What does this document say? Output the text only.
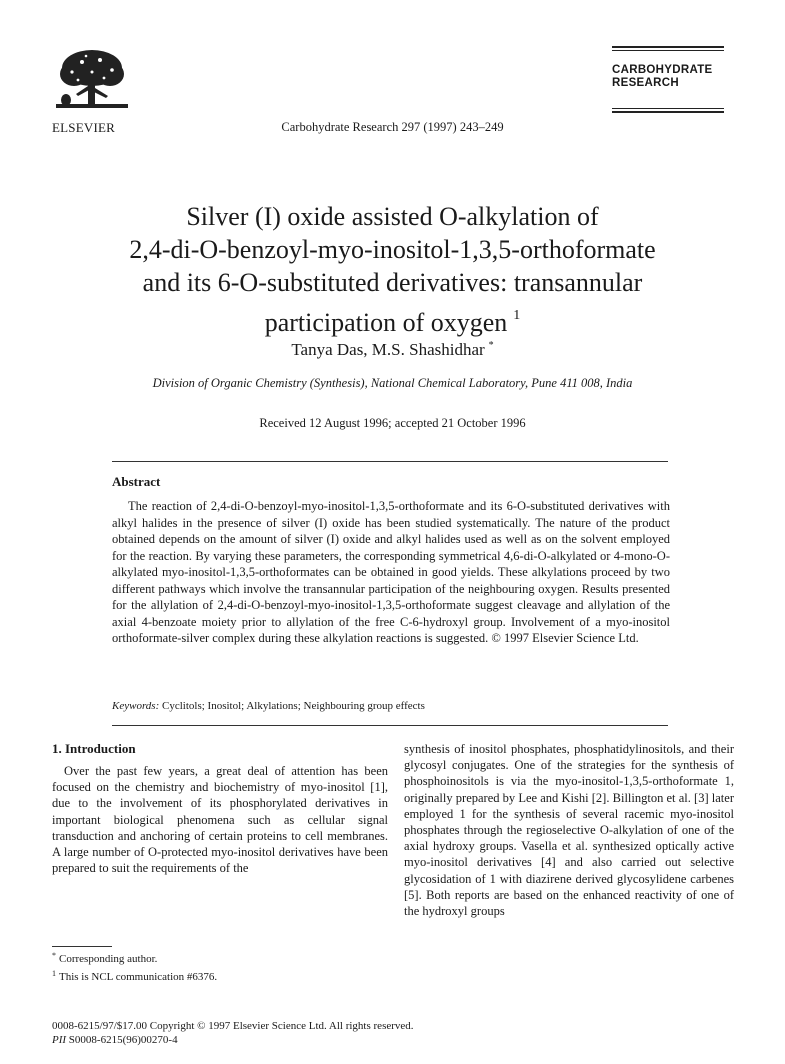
ELSEVIER	Carbohydrate Research 297 (1997) 243–249
CARBOHYDRATE
RESEARCH
Silver (I) oxide assisted O-alkylation of
2,4-di-O-benzoyl-myo-inositol-1,3,5-orthoformate
and its 6-O-substituted derivatives: transannular
participation of oxygen $^1$
Tanya Das, M.S. Shashidhar *
Division of Organic Chemistry (Synthesis), National Chemical Laboratory, Pune 411 008, India
Received 12 August 1996; accepted 21 October 1996
Abstract
The reaction of 2,4-di-O-benzoyl-myo-inositol-1,3,5-orthoformate and its 6-O-substituted derivatives with alkyl halides in the presence of silver (I) oxide has been studied systematically. The nature of the product obtained depends on the amount of silver (I) oxide and alkyl halides used as well as on the solvent employed for the reaction. By varying these parameters, the corresponding symmetrical 4,6-di-O-alkylated or 4-mono-O-alkylated myo-inositol-1,3,5-orthoformates can be obtained in good yields. These alkylations proceed by two different pathways which involve the transannular participation of the neighbouring oxygen. Results presented for the allylation of 2,4-di-O-benzoyl-myo-inositol-1,3,5-orthoformate suggest cleavage and allylation of the axial 4-benzoate moiety prior to allylation of the free C-6-hydroxyl group. Involvement of a myo-inositol orthoformate-silver complex during these alkylation reactions is suggested. © 1997 Elsevier Science Ltd.
Keywords: Cyclitols; Inositol; Alkylations; Neighbouring group effects
1. Introduction
Over the past few years, a great deal of attention has been focused on the chemistry and biochemistry of myo-inositol [1], due to the involvement of its phosphorylated derivatives in important biological phenomena such as cellular signal transduction and anchoring of certain proteins to cell membranes. A large number of O-protected myo-inositol derivatives have been prepared to suit the requirements of the
synthesis of inositol phosphates, phosphatidylinositols, and their glycosyl conjugates. One of the strategies for the synthesis of phosphoinositols is via the myo-inositol-1,3,5-orthoformate 1, originally prepared by Lee and Kishi [2]. Billington et al. [3] later employed 1 for the synthesis of several racemic myo-inositol phosphates through the regioselective O-alkylation of one of the axial hydroxy groups. Vasella et al. synthesized optically active myo-inositol derivatives [4] and also carried out selective glycosidation of 1 with diazirene derived glycosylidene carbenes [5]. Both reports are based on the enhanced reactivity of one of the hydroxyl groups
* Corresponding author.
$^1$ This is NCL communication #6376.
0008-6215/97/$17.00 Copyright © 1997 Elsevier Science Ltd. All rights reserved.
PII S0008-6215(96)00270-4
